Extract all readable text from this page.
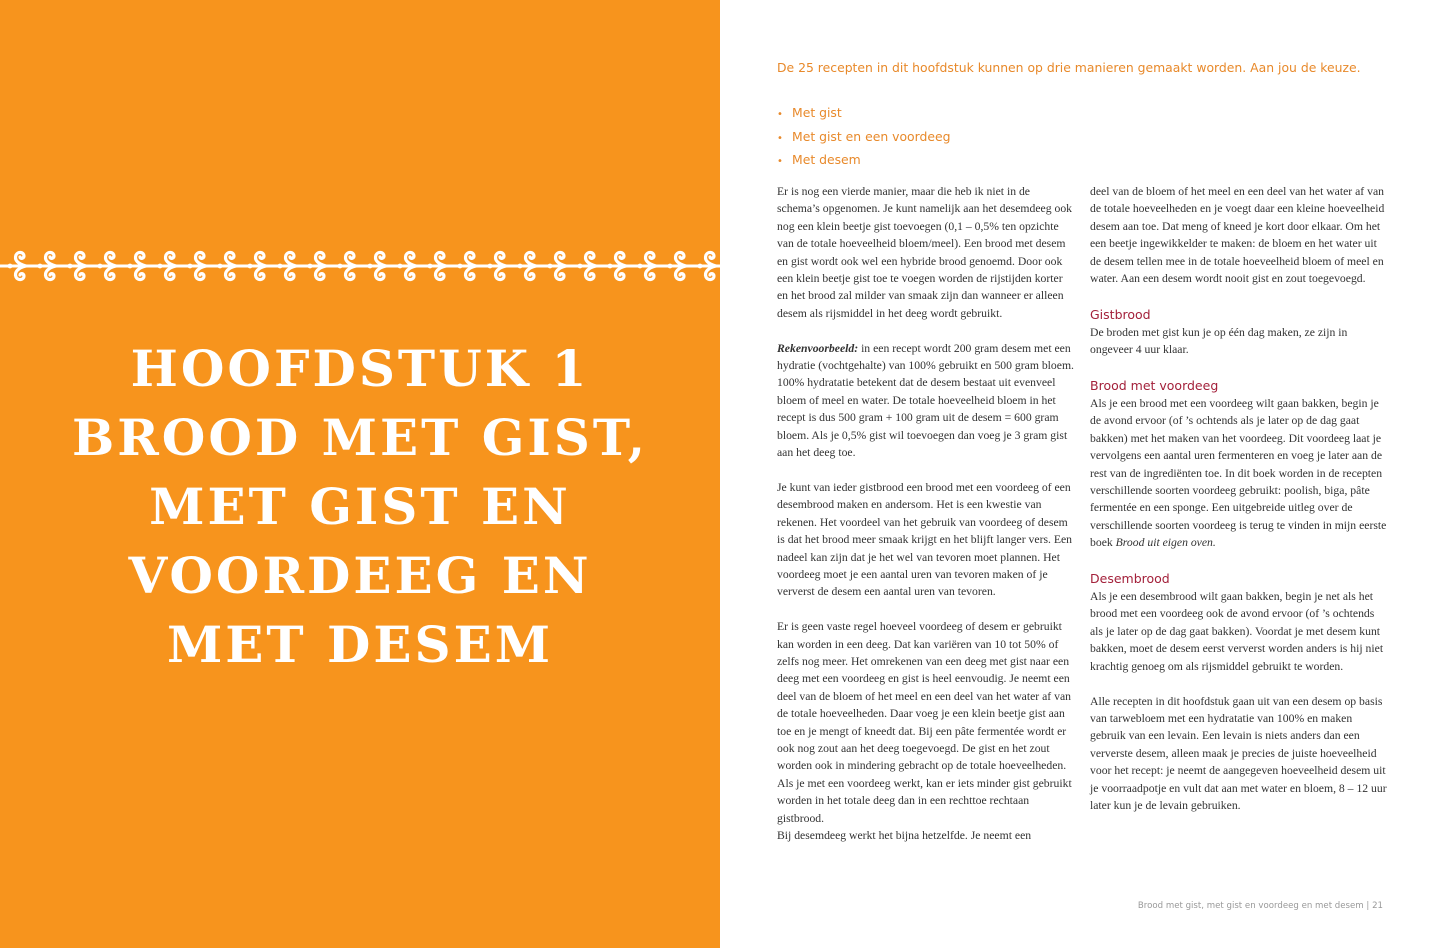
HOOFDSTUK 1
BROOD MET GIST,
MET GIST EN
VOORDEEG EN
MET DESEM
De 25 recepten in dit hoofdstuk kunnen op drie manieren gemaakt worden. Aan jou de keuze.
• Met gist
• Met gist en een voordeeg
• Met desem

Er is nog een vierde manier, maar die heb ik niet in de schema’s opgenomen. Je kunt namelijk aan het desemdeeg ook nog een klein beetje gist toevoegen (0,1 – 0,5% ten opzichte van de totale hoeveelheid bloem/meel). Een brood met desem en gist wordt ook wel een hybride brood genoemd. Door ook een klein beetje gist toe te voegen worden de rijstijden korter en het brood zal milder van smaak zijn dan wanneer er alleen desem als rijsmiddel in het deeg wordt gebruikt.

Rekenvoorbeeld: in een recept wordt 200 gram desem met een hydratie (vochtgehalte) van 100% gebruikt en 500 gram bloem. 100% hydratatie betekent dat de desem bestaat uit evenveel bloem of meel en water. De totale hoeveelheid bloem in het recept is dus 500 gram + 100 gram uit de desem = 600 gram bloem. Als je 0,5% gist wil toevoegen dan voeg je 3 gram gist aan het deeg toe.

Je kunt van ieder gistbrood een brood met een voordeeg of een desembrood maken en andersom. Het is een kwestie van rekenen. Het voordeel van het gebruik van voordeeg of desem is dat het brood meer smaak krijgt en het blijft langer vers. Een nadeel kan zijn dat je het wel van tevoren moet plannen. Het voordeeg moet je een aantal uren van tevoren maken of je ververst de desem een aantal uren van tevoren.

Er is geen vaste regel hoeveel voordeeg of desem er gebruikt kan worden in een deeg. Dat kan variëren van 10 tot 50% of zelfs nog meer. Het omrekenen van een deeg met gist naar een deeg met een voordeeg en gist is heel eenvoudig. Je neemt een deel van de bloem of het meel en een deel van het water af van de totale hoeveelheden. Daar voeg je een klein beetje gist aan toe en je mengt of kneedt dat. Bij een pâte fermentée wordt er ook nog zout aan het deeg toegevoegd. De gist en het zout worden ook in mindering gebracht op de totale hoeveelheden. Als je met een voordeeg werkt, kan er iets minder gist gebruikt worden in het totale deeg dan in een rechttoe rechtaan gistbrood.

Bij desemdeeg werkt het bijna hetzelfde. Je neemt een

deel van de bloem of het meel en een deel van het water af van de totale hoeveelheden en je voegt daar een kleine hoeveelheid desem aan toe. Dat meng of kneed je kort door elkaar. Om het een beetje ingewikkelder te maken: de bloem en het water uit de desem tellen mee in de totale hoeveelheid bloem of meel en water. Aan een desem wordt nooit gist en zout toegevoegd.

Gistbrood

De broden met gist kun je op één dag maken, ze zijn in ongeveer 4 uur klaar.

Brood met voordeeg

Als je een brood met een voordeeg wilt gaan bakken, begin je de avond ervoor (of ’s ochtends als je later op de dag gaat bakken) met het maken van het voordeeg. Dit voordeeg laat je vervolgens een aantal uren fermenteren en voeg je later aan de rest van de ingrediënten toe. In dit boek worden in de recepten verschillende soorten voordeeg gebruikt: poolish, biga, pâte fermentée en een sponge. Een uitgebreide uitleg over de verschillende soorten voordeeg is terug te vinden in mijn eerste boek Brood uit eigen oven.

Desembrood

Als je een desembrood wilt gaan bakken, begin je net als het brood met een voordeeg ook de avond ervoor (of ’s ochtends als je later op de dag gaat bakken). Voordat je met desem kunt bakken, moet de desem eerst ververst worden anders is hij niet krachtig genoeg om als rijsmiddel gebruikt te worden.

Alle recepten in dit hoofdstuk gaan uit van een desem op basis van tarwebloem met een hydratatie van 100% en maken gebruik van een levain. Een levain is niets anders dan een ververste desem, alleen maak je precies de juiste hoeveelheid voor het recept: je neemt de aangegeven hoeveelheid desem uit je voorraadpotje en vult dat aan met water en bloem, 8 – 12 uur later kun je de levain gebruiken.

Brood met gist, met gist en voordeeg en met desem | 21
